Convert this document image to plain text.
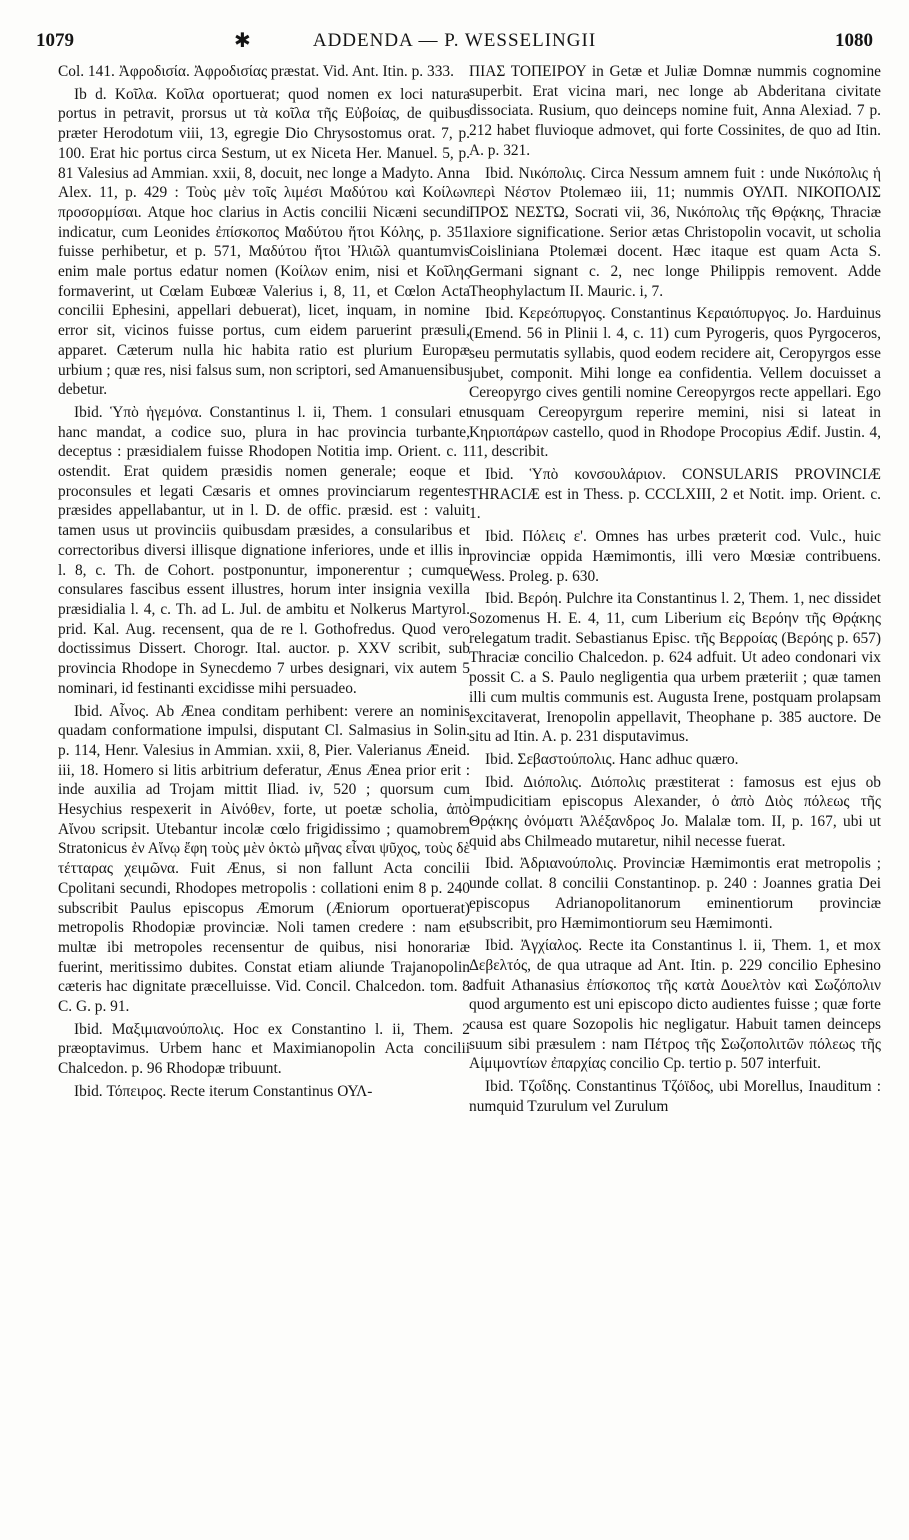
1079	✱	ADDENDA — P. WESSELINGII	1080

Col. 141. Ἀφροδισία. Ἀφροδισίας præstat. Vid. Ant. Itin. p. 333.

Ib d. Κοῖλα. Κοῖλα oportuerat; quod nomen ex loci natura portus in petravit, prorsus ut τὰ κοῖλα τῆς Εὐβοίας, de quibus præter Herodotum viii, 13, egregie Dio Chrysostomus orat. 7, p. 100. Erat hic portus circa Sestum, ut ex Niceta Her. Manuel. 5, p. 81 Valesius ad Ammian. xxii, 8, docuit, nec longe a Madyto. Anna Alex. 11, p. 429 : Τοὺς μὲν τοῖς λιμέσι Μαδύτου καὶ Κοίλων προσορμίσαι. Atque hoc clarius in Actis concilii Nicæni secundi indicatur, cum Leonides ἐπίσκοπος Μαδύτου ἤτοι Κόλης, p. 351 fuisse perhibetur, et p. 571, Μαδύτου ἤτοι Ἠλιῶλ quantumvis enim male portus edatur nomen (Κοίλων enim, nisi et Κοῖλης formaverint, ut Cœlam Eubœæ Valerius i, 8, 11, et Cœlon Acta concilii Ephesini, appellari debuerat), licet, inquam, in nomine error sit, vicinos fuisse portus, cum eidem paruerint præsuli, apparet. Cæterum nulla hic habita ratio est plurium Europæ urbium ; quæ res, nisi falsus sum, non scriptori, sed Amanuensibus debetur.

Ibid. Ὑπὸ ἡγεμόνα. Constantinus l. ii, Them. 1 consulari et hanc mandat, a codice suo, plura in hac provincia turbante, deceptus : præsidialem fuisse Rhodopen Notitia imp. Orient. c. 1 ostendit. Erat quidem præsidis nomen generale; eoque et proconsules et legati Cæsaris et omnes provinciarum regentes præsides appellabantur, ut in l. D. de offic. præsid. est : valuit tamen usus ut provinciis quibusdam præsides, a consularibus et correctoribus diversi illisque dignatione inferiores, unde et illis in l. 8, c. Th. de Cohort. postponuntur, imponerentur ; cumque consulares fascibus essent illustres, horum inter insignia vexilla præsidialia l. 4, c. Th. ad L. Jul. de ambitu et Nolkerus Martyrol. prid. Kal. Aug. recensent, qua de re l. Gothofredus. Quod vero doctissimus Dissert. Chorogr. Ital. auctor. p. XXV scribit, sub provincia Rhodope in Synecdemo 7 urbes designari, vix autem 5 nominari, id festinanti excidisse mihi persuadeo.

Ibid. Αἶνος. Ab Ænea conditam perhibent: verere an nominis quadam conformatione impulsi, disputant Cl. Salmasius in Solin. p. 114, Henr. Valesius in Ammian. xxii, 8, Pier. Valerianus Æneid. iii, 18. Homero si litis arbitrium deferatur, Ænus Ænea prior erit : inde auxilia ad Trojam mittit Iliad. iv, 520 ; quorsum cum Hesychius respexerit in Αἰνόθεν, forte, ut poetæ scholia, ἀπὸ Αἴνου scripsit. Utebantur incolæ cœlo frigidissimo ; quamobrem Stratonicus ἐν Αἴνῳ ἔφη τοὺς μὲν ὀκτὼ μῆνας εἶναι ψῦχος, τοὺς δὲ τέτταρας χειμῶνα. Fuit Ænus, si non fallunt Acta concilii Cpolitani secundi, Rhodopes metropolis : collationi enim 8 p. 240 subscribit Paulus episcopus Æmorum (Æniorum oportuerat) metropolis Rhodopiæ provinciæ. Noli tamen credere : nam et multæ ibi metropoles recensentur de quibus, nisi honorariæ fuerint, meritissimo dubites. Constat etiam aliunde Trajanopolin cæteris hac dignitate præcelluisse. Vid. Concil. Chalcedon. tom. 8 C. G. p. 91.

Ibid. Μαξιμιανούπολις. Hoc ex Constantino l. ii, Them. 2 præoptavimus. Urbem hanc et Maximianopolin Acta concilii Chalcedon. p. 96 Rhodopæ tribuunt.

Ibid. Τόπειρος. Recte iterum Constantinus ΟΥΛ-

ΠΙΑΣ ΤΟΠΕΙΡΟΥ in Getæ et Juliæ Domnæ nummis cognomine superbit. Erat vicina mari, nec longe ab Abderitana civitate dissociata. Rusium, quo deinceps nomine fuit, Anna Alexiad. 7 p. 212 habet fluvioque admovet, qui forte Cossinites, de quo ad Itin. A. p. 321.

Ibid. Νικόπολις. Circa Nessum amnem fuit : unde Νικόπολις ἡ περὶ Νέστον Ptolemæo iii, 11; nummis ΟΥΛΠ. ΝΙΚΟΠΟΛΙΣ ΠΡΟΣ ΝΕΣΤΩ, Socrati vii, 36, Νικόπολις τῆς Θρᾴκης, Thraciæ laxiore significatione. Serior ætas Christopolin vocavit, ut scholia Coisliniana Ptolemæi docent. Hæc itaque est quam Acta S. Germani signant c. 2, nec longe Philippis removent. Adde Theophylactum II. Mauric. i, 7.

Ibid. Κερεόπυργος. Constantinus Κεραιόπυργος. Jo. Harduinus (Emend. 56 in Plinii l. 4, c. 11) cum Pyrogeris, quos Pyrgoceros, seu permutatis syllabis, quod eodem recidere ait, Ceropyrgos esse jubet, componit. Mihi longe ea confidentia. Vellem docuisset a Cereopyrgo cives gentili nomine Cereopyrgos recte appellari. Ego nusquam Cereopyrgum reperire memini, nisi si lateat in Κηριοπάρων castello, quod in Rhodope Procopius Ædif. Justin. 4, 11, describit.

Ibid. Ὑπὸ κονσουλάριον. CONSULARIS PROVINCIÆ THRACIÆ est in Thess. p. CCCLXIII, 2 et Notit. imp. Orient. c. 1.

Ibid. Πόλεις ε'. Omnes has urbes præterit cod. Vulc., huic provinciæ oppida Hæmimontis, illi vero Mœsiæ contribuens. Wess. Proleg. p. 630.

Ibid. Βερόη. Pulchre ita Constantinus l. 2, Them. 1, nec dissidet Sozomenus H. E. 4, 11, cum Liberium εἰς Βερόην τῆς Θρᾴκης relegatum tradit. Sebastianus Episc. τῆς Βερροίας (Βερόης p. 657) Thraciæ concilio Chalcedon. p. 624 adfuit. Ut adeo condonari vix possit C. a S. Paulo negligentia qua urbem præteriit ; quæ tamen illi cum multis communis est. Augusta Irene, postquam prolapsam excitaverat, Irenopolin appellavit, Theophane p. 385 auctore. De situ ad Itin. A. p. 231 disputavimus.

Ibid. Σεβαστούπολις. Hanc adhuc quæro.

Ibid. Διόπολις. Διόπολις præstiterat : famosus est ejus ob impudicitiam episcopus Alexander, ὁ ἀπὸ Διὸς πόλεως τῆς Θρᾴκης ὀνόματι Ἀλέξανδρος Jo. Malalæ tom. II, p. 167, ubi ut quid abs Chilmeado mutaretur, nihil necesse fuerat.

Ibid. Ἀδριανούπολις. Provinciæ Hæmimontis erat metropolis ; unde collat. 8 concilii Constantinop. p. 240 : Joannes gratia Dei episcopus Adrianopolitanorum eminentiorum provinciæ subscribit, pro Hæmimontiorum seu Hæmimonti.

Ibid. Ἀγχίαλος. Recte ita Constantinus l. ii, Them. 1, et mox Δεβελτός, de qua utraque ad Ant. Itin. p. 229 concilio Ephesino adfuit Athanasius ἐπίσκοπος τῆς κατὰ Δουελτὸν καὶ Σωζόπολιν quod argumento est uni episcopo dicto audientes fuisse ; quæ forte causa est quare Sozopolis hic negligatur. Habuit tamen deinceps suum sibi præsulem : nam Πέτρος τῆς Σωζοπολιτῶν πόλεως τῆς Αἱμιμοντίων ἐπαρχίας concilio Cp. tertio p. 507 interfuit.

Ibid. Τζοΐδης. Constantinus Τζόϊδος, ubi Morellus, Inauditum : numquid Tzurulum vel Zurulum
